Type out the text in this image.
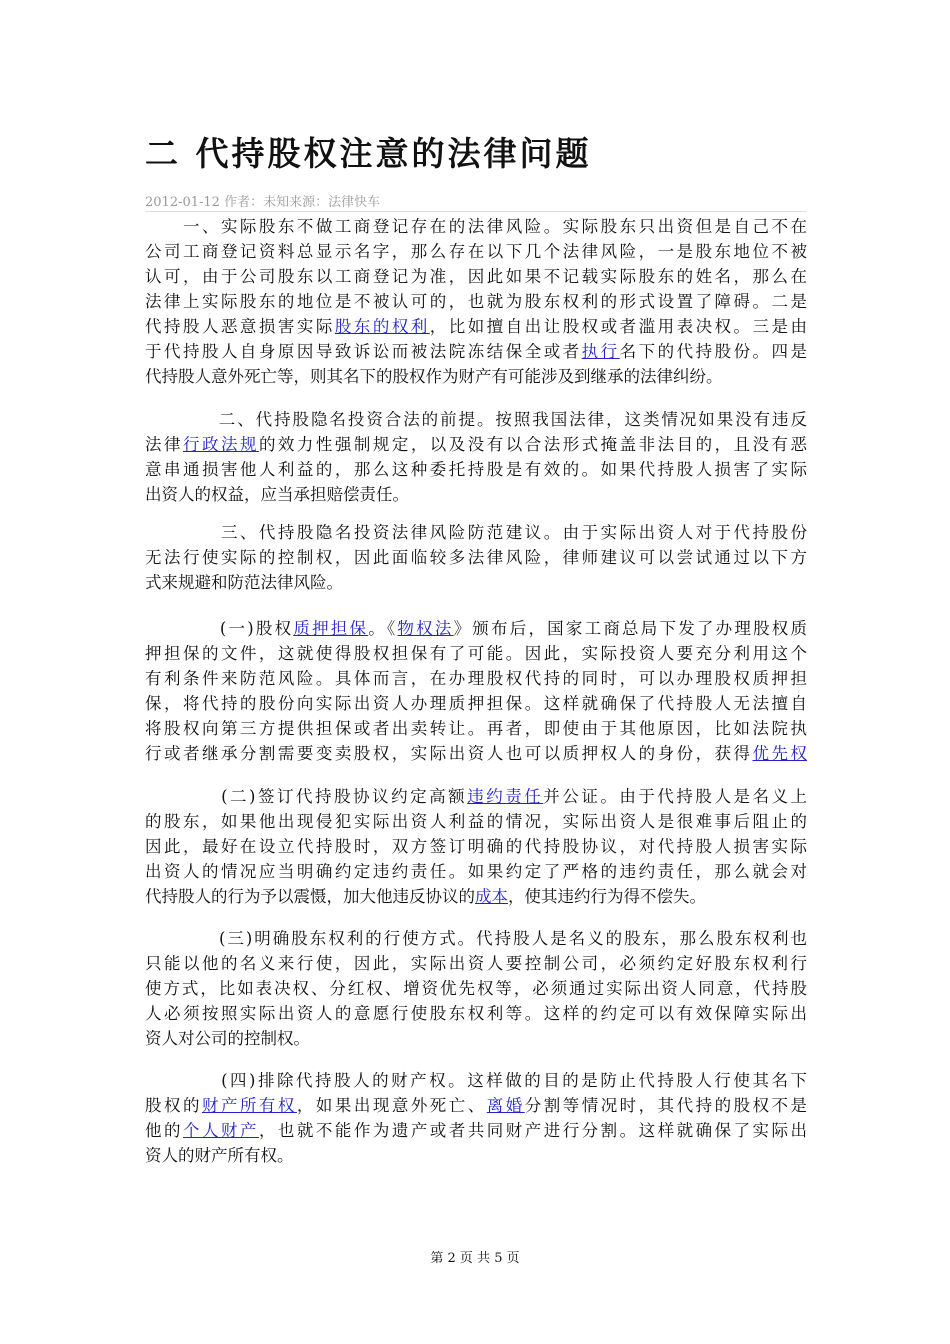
二 代持股权注意的法律问题
2012-01-12 作者：未知来源：法律快车
　　一、实际股东不做工商登记存在的法律风险。实际股东只出资但是自己不在
公司工商登记资料总显示名字，那么存在以下几个法律风险，一是股东地位不被
认可，由于公司股东以工商登记为准，因此如果不记载实际股东的姓名，那么在
法律上实际股东的地位是不被认可的，也就为股东权利的形式设置了障碍。二是
代持股人恶意损害实际股东的权利，比如擅自出让股权或者滥用表决权。三是由
于代持股人自身原因导致诉讼而被法院冻结保全或者执行名下的代持股份。四是
代持股人意外死亡等，则其名下的股权作为财产有可能涉及到继承的法律纠纷。
　　　　二、代持股隐名投资合法的前提。按照我国法律，这类情况如果没有违反
法律行政法规的效力性强制规定，以及没有以合法形式掩盖非法目的，且没有恶
意串通损害他人利益的，那么这种委托持股是有效的。如果代持股人损害了实际
出资人的权益，应当承担赔偿责任。
　　　　三、代持股隐名投资法律风险防范建议。由于实际出资人对于代持股份
无法行使实际的控制权，因此面临较多法律风险，律师建议可以尝试通过以下方
式来规避和防范法律风险。
　　　　(一)股权质押担保。《物权法》颁布后，国家工商总局下发了办理股权质
押担保的文件，这就使得股权担保有了可能。因此，实际投资人要充分利用这个
有利条件来防范风险。具体而言，在办理股权代持的同时，可以办理股权质押担
保，将代持的股份向实际出资人办理质押担保。这样就确保了代持股人无法擅自
将股权向第三方提供担保或者出卖转让。再者，即使由于其他原因，比如法院执
行或者继承分割需要变卖股权，实际出资人也可以质押权人的身份，获得优先权
　　　　(二)签订代持股协议约定高额违约责任并公证。由于代持股人是名义上
的股东，如果他出现侵犯实际出资人利益的情况，实际出资人是很难事后阻止的
因此，最好在设立代持股时，双方签订明确的代持股协议，对代持股人损害实际
出资人的情况应当明确约定违约责任。如果约定了严格的违约责任，那么就会对
代持股人的行为予以震慑，加大他违反协议的成本，使其违约行为得不偿失。
　　　　(三)明确股东权利的行使方式。代持股人是名义的股东，那么股东权利也
只能以他的名义来行使，因此，实际出资人要控制公司，必须约定好股东权利行
使方式，比如表决权、分红权、增资优先权等，必须通过实际出资人同意，代持股
人必须按照实际出资人的意愿行使股东权利等。这样的约定可以有效保障实际出
资人对公司的控制权。
　　　　(四)排除代持股人的财产权。这样做的目的是防止代持股人行使其名下
股权的财产所有权，如果出现意外死亡、离婚分割等情况时，其代持的股权不是
他的个人财产，也就不能作为遗产或者共同财产进行分割。这样就确保了实际出
资人的财产所有权。
第 2 页 共 5 页
